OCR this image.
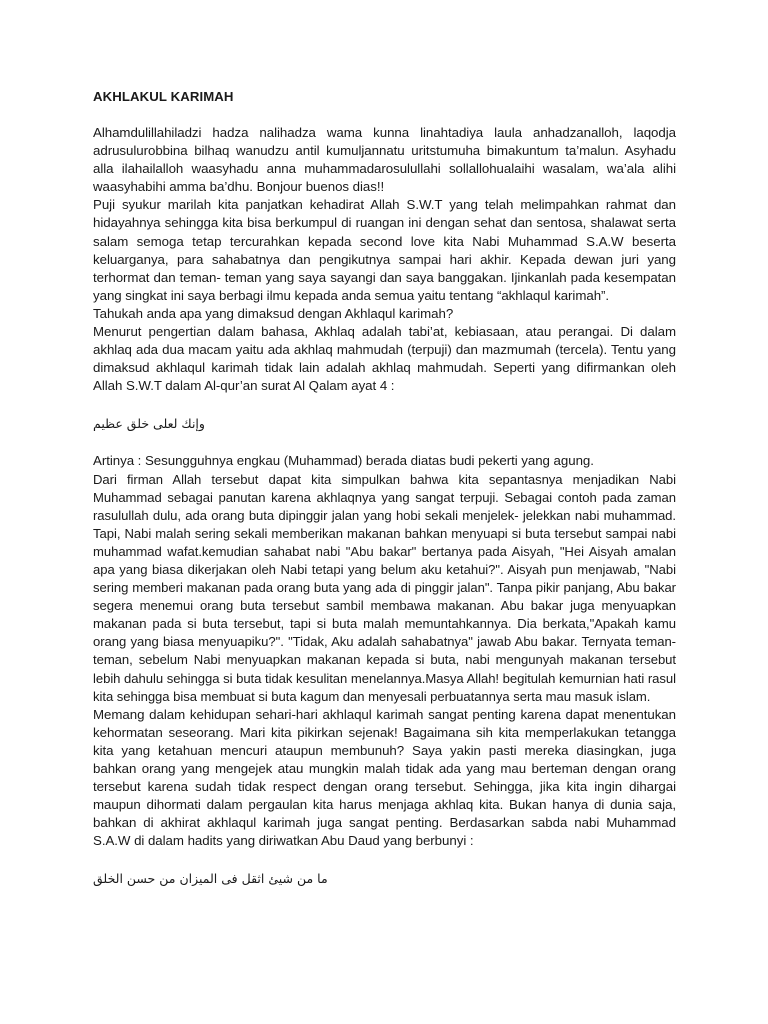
AKHLAKUL KARIMAH

Alhamdulillahiladzi hadza nalihadza wama kunna linahtadiya laula anhadzanalloh, laqodja adrusulurobbina bilhaq wanudzu antil kumuljannatu uritstumuha bimakuntum ta’malun. Asyhadu alla ilahailalloh waasyhadu anna muhammadarosulullahi sollallohualaihi wasalam, wa’ala alihi waasyhabihi amma ba’dhu. Bonjour buenos dias!!

Puji syukur marilah kita panjatkan kehadirat Allah S.W.T yang telah melimpahkan rahmat dan hidayahnya sehingga kita bisa berkumpul di ruangan ini dengan sehat dan sentosa, shalawat serta salam semoga tetap tercurahkan kepada second love kita Nabi Muhammad S.A.W beserta keluarganya, para sahabatnya dan pengikutnya sampai hari akhir. Kepada dewan juri yang terhormat dan teman- teman yang saya sayangi dan saya banggakan. Ijinkanlah pada kesempatan yang singkat ini saya berbagi ilmu kepada anda semua yaitu tentang “akhlaqul karimah”.

Tahukah anda apa yang dimaksud dengan Akhlaqul karimah?

Menurut pengertian dalam bahasa, Akhlaq adalah tabi’at, kebiasaan, atau perangai. Di dalam akhlaq ada dua macam yaitu ada akhlaq mahmudah (terpuji) dan mazmumah (tercela). Tentu yang dimaksud akhlaqul karimah tidak lain adalah akhlaq mahmudah. Seperti yang difirmankan oleh Allah S.W.T dalam Al-qur’an surat Al Qalam ayat 4 :

وإنك لعلى خلق عظيم

Artinya : Sesungguhnya engkau (Muhammad) berada diatas budi pekerti yang agung.

Dari firman Allah tersebut dapat kita simpulkan bahwa kita sepantasnya menjadikan Nabi Muhammad sebagai panutan karena akhlaqnya yang sangat terpuji. Sebagai contoh pada zaman rasulullah dulu, ada orang buta dipinggir jalan yang hobi sekali menjelek- jelekkan nabi muhammad. Tapi, Nabi malah sering sekali memberikan makanan bahkan menyuapi si buta tersebut sampai nabi muhammad wafat.kemudian sahabat nabi "Abu bakar" bertanya pada Aisyah, "Hei Aisyah amalan apa yang biasa dikerjakan oleh Nabi tetapi yang belum aku ketahui?". Aisyah pun menjawab, "Nabi sering memberi makanan pada orang buta yang ada di pinggir jalan". Tanpa pikir panjang, Abu bakar segera menemui orang buta tersebut sambil membawa makanan. Abu bakar juga menyuapkan makanan pada si buta tersebut, tapi si buta malah memuntahkannya. Dia berkata,"Apakah kamu orang yang biasa menyuapiku?". "Tidak, Aku adalah sahabatnya" jawab Abu bakar. Ternyata teman- teman, sebelum Nabi menyuapkan makanan kepada si buta, nabi mengunyah makanan tersebut lebih dahulu sehingga si buta tidak kesulitan menelannya.Masya Allah! begitulah kemurnian hati rasul kita sehingga bisa membuat si buta kagum dan menyesali perbuatannya serta mau masuk islam.

Memang dalam kehidupan sehari-hari akhlaqul karimah sangat penting karena dapat menentukan kehormatan seseorang. Mari kita pikirkan sejenak! Bagaimana sih kita memperlakukan tetangga kita yang ketahuan mencuri ataupun membunuh? Saya yakin pasti mereka diasingkan, juga bahkan orang yang mengejek atau mungkin malah tidak ada yang mau berteman dengan orang tersebut karena sudah tidak respect dengan orang tersebut. Sehingga, jika kita ingin dihargai maupun dihormati dalam pergaulan kita harus menjaga akhlaq kita. Bukan hanya di dunia saja, bahkan di akhirat akhlaqul karimah juga sangat penting. Berdasarkan sabda nabi Muhammad S.A.W di dalam hadits yang diriwatkan Abu Daud yang berbunyi :

ما من شيئ اثقل فى الميزان من حسن الخلق
